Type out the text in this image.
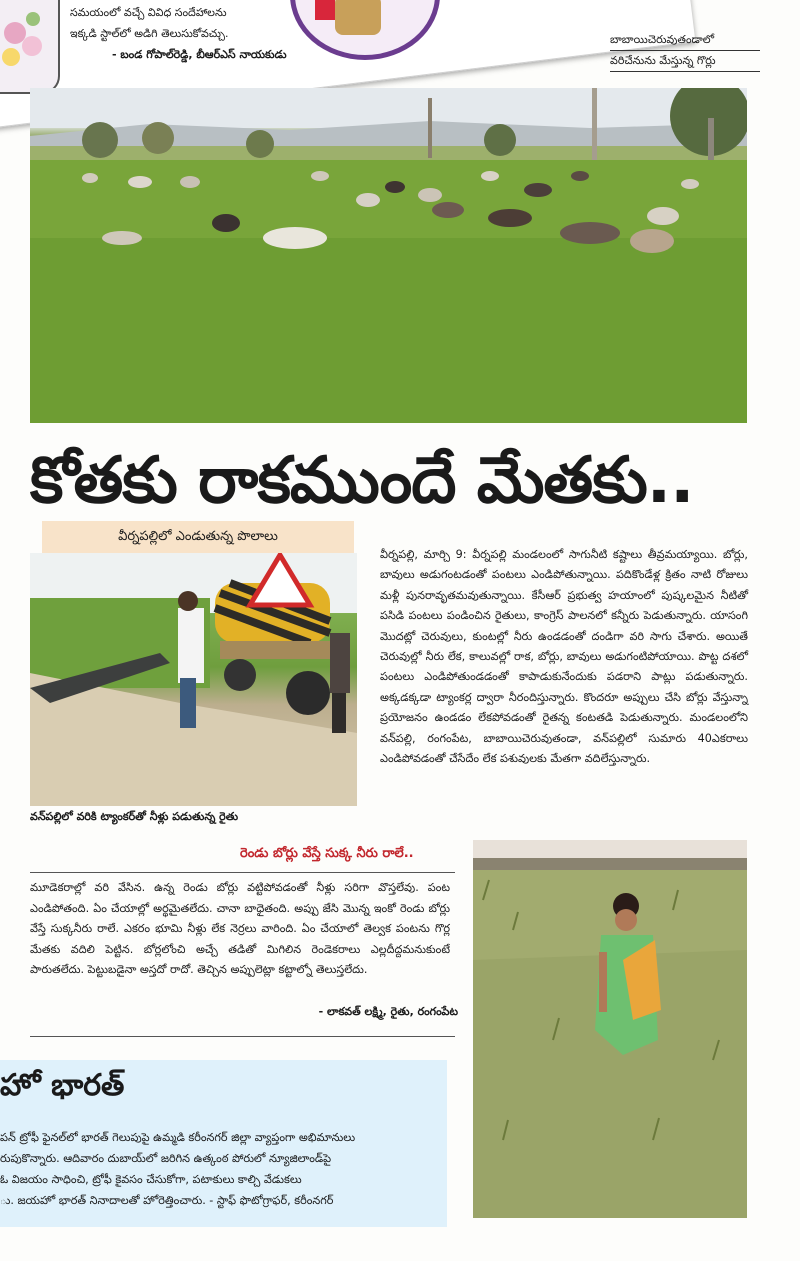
సమయంలో వచ్చే వివిధ సందేహాలను
ఇక్కడి స్టాల్‌లో అడిగి తెలుసుకోవచ్చు.
- బండ గోపాల్‌రెడ్డి, బీఆర్‌ఎస్ నాయకుడు
బాబాయిచెరువుతండాలో
వరిచేనును మేస్తున్న గొర్లు
కోతకు రాకముందే మేతకు..
వీర్నపల్లిలో ఎండుతున్న పొలాలు
వన్‌పల్లిలో వరికి ట్యాంకర్‌తో నీళ్లు పడుతున్న రైతు
వీర్నపల్లి, మార్చి 9: వీర్నపల్లి మండలంలో సాగునీటి కష్టాలు తీవ్రమయ్యాయి. బోర్లు, బావులు అడుగంటడంతో పంటలు ఎండిపోతున్నాయి. పదికొండేళ్ల క్రితం నాటి రోజులు మళ్లీ పునరావృతమవుతున్నాయి. కేసీఆర్ ప్రభుత్వ హయాంలో పుష్కలమైన నీటితో పసిడి పంటలు పండించిన రైతులు, కాంగ్రెస్ పాలనలో కన్నీరు పెడుతున్నారు. యాసంగి మొదట్లో చెరువులు, కుంటల్లో నీరు ఉండడంతో దండిగా వరి సాగు చేశారు. అయితే చెరువుల్లో నీరు లేక, కాలువల్లో రాక, బోర్లు, బావులు అడుగంటిపోయాయి. పొట్ట దశలో పంటలు ఎండిపోతుండడంతో కాపాడుకునేందుకు పడరాని పాట్లు పడుతున్నారు. అక్కడక్కడా ట్యాంకర్ల ద్వారా నీరందిస్తున్నారు. కొందరూ అప్పులు చేసి బోర్లు వేస్తున్నా ప్రయోజనం ఉండడం లేకపోవడంతో రైతన్న కంటతడి పెడుతున్నారు. మండలంలోని వన్‌పల్లి, రంగంపేట, బాబాయిచెరువుతండా, వన్‌పల్లిలో సుమారు 40ఎకరాలు ఎండిపోవడంతో చేసేదేం లేక పశువులకు మేతగా వదిలేస్తున్నారు.
రెండు బోర్లు వేస్తే సుక్క నీరు రాలే..
మూడెకరాల్లో వరి వేసిన. ఉన్న రెండు బోర్లు వట్టిపోవడంతో నీళ్లు సరిగా వొస్తలేవు. పంట ఎండిపోతంది. ఏం చేయాల్లో అర్థమైతలేదు. చానా బాధైతంది. అప్పు జేసి మొన్న ఇంకో రెండు బోర్లు వేస్తే సుక్కనీరు రాలే. ఎకరం భూమి నీళ్లు లేక నెర్రలు వారింది. ఏం చేయాలో తెల్వక పంటను గొర్ల మేతకు వదిలి పెట్టిన. బోర్లలోంచి అచ్చే తడితో మిగిలిన రెండెకరాలు ఎల్లదీద్దమనుకుంటే పారుతలేదు. పెట్టుబడైనా అస్తదో రాదో. తెచ్చిన అప్పులెట్లా కట్టాల్నో తెలుస్తలేదు.
- లాకవత్ లక్ష్మి, రైతు, రంగంపేట
హో భారత్

పన్ ట్రోఫీ ఫైనల్‌లో భారత్ గెలుపుపై ఉమ్మడి కరీంనగర్ జిల్లా వ్యాప్తంగా అభిమానులు

రుపుకొన్నారు. ఆదివారం దుబాయ్‌లో జరిగిన ఉత్కంఠ పోరులో న్యూజిలాండ్‌పై

ఓ విజయం సాధించి, ట్రోఫీ కైవసం చేసుకోగా, పటాకులు కాల్చి వేడుకలు

ు. జయహో భారత్ నినాదాలతో హోరెత్తించారు. - స్టాఫ్ ఫొటోగ్రాఫర్, కరీంనగర్
